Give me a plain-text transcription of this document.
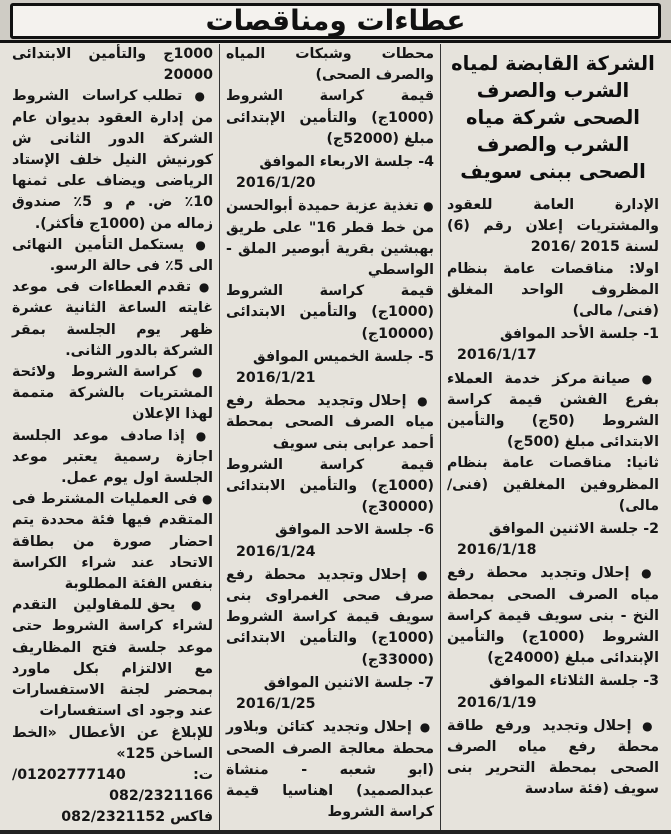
عطاءات ومناقصات
الشركة القابضة لمياه الشرب والصرف الصحى شركة مياه الشرب والصرف الصحى ببنى سويف

الإدارة العامة للعقود والمشتريات إعلان رقم (6) لسنة 2015 /2016

اولا: مناقصات عامة بنظام المظروف الواحد المغلق (فنى/ مالى)

1- جلسة الأحد الموافق

2016/1/17

● صيانة مركز خدمة العملاء بفرع الفشن قيمة كراسة الشروط (50ج) والتأمين الابتدائى مبلغ (500ج)

ثانيا: مناقصات عامة بنظام المظروفين المغلقين (فنى/ مالى)

2- جلسة الاثنين الموافق

2016/1/18

● إحلال وتجديد محطة رفع مياه الصرف الصحى بمحطة النخ - بنى سويف قيمة كراسة الشروط (1000ج) والتأمين الإبتدائى مبلغ (24000ج)

3- جلسة الثلاثاء الموافق

2016/1/19

● إحلال وتجديد ورفع طاقة محطة رفع مياه الصرف الصحى بمحطة التحرير بنى سويف (فئة سادسة

محطات وشبكات المياه والصرف الصحى)

قيمة كراسة الشروط (1000ج) والتأمين الإبتدائى مبلغ (52000ج)

4- جلسة الاربعاء الموافق

2016/1/20

● تغذية عزبة حميدة أبوالحسن من خط قطر 16" على طريق بهبشين بقرية أبوصير الملق - الواسطي

قيمة كراسة الشروط (1000ج) والتأمين الابتدائى (10000ج)

5- جلسة الخميس الموافق

2016/1/21

● إحلال وتجديد محطة رفع مياه الصرف الصحى بمحطة أحمد عرابى بنى سويف

قيمة كراسة الشروط (1000ج) والتأمين الابتدائى (30000ج)

6- جلسة الاحد الموافق

2016/1/24

● إحلال وتجديد محطة رفع صرف صحى الغمراوى بنى سويف قيمة كراسة الشروط (1000ج) والتأمين الابتدائى (33000ج)

7- جلسة الاثنين الموافق

2016/1/25

● إحلال وتجديد كتائن وبلاور محطة معالجة الصرف الصحى (ابو شعبه - منشاة عبدالصميد) اهناسيا قيمة كراسة الشروط

1000ج والتأمين الابتدائى 20000

● تطلب كراسات الشروط من إدارة العقود بديوان عام الشركة الدور الثانى ش كورنيش النيل خلف الإستاد الرياضى ويضاف على ثمنها 10٪ ض. م و 5٪ صندوق زماله من (1000ج فأكثر).

● يستكمل التأمين النهائى الى 5٪ فى حالة الرسو.

● تقدم العطاءات فى موعد غايته الساعة الثانية عشرة ظهر يوم الجلسة بمقر الشركة بالدور الثانى.

● كراسة الشروط ولائحة المشتريات بالشركة متممة لهذا الإعلان

● إذا صادف موعد الجلسة اجازة رسمية يعتبر موعد الجلسة اول يوم عمل.

● فى العمليات المشترط فى المتقدم فيها فئة محددة يتم احضار صورة من بطاقة الاتحاد عند شراء الكراسة بنفس الفئة المطلوبة

● يحق للمقاولين التقدم لشراء كراسة الشروط حتى موعد جلسة فتح المظاريف مع الالتزام بكل ماورد بمحضر لجنة الاستفسارات عند وجود اى استفسارات

للإبلاغ عن الأعطال «الخط الساخن 125»

ت: 01202777140/ 082/2321166

فاكس 082/2321152
